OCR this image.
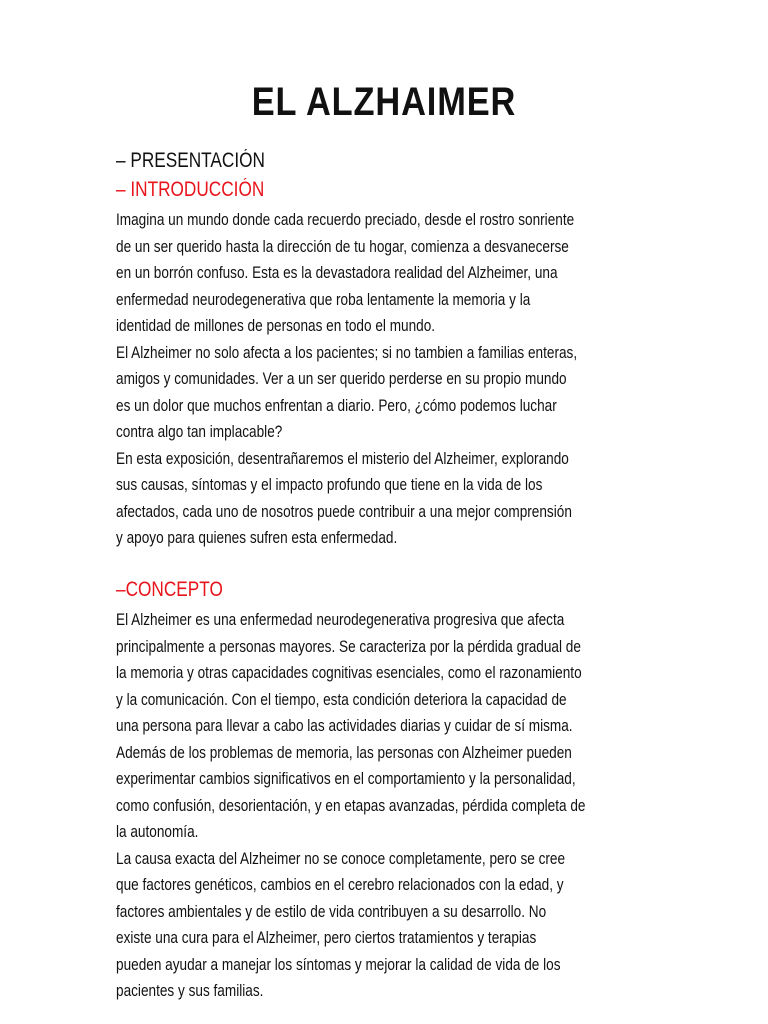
EL ALZHAIMER
– PRESENTACIÓN
– INTRODUCCIÓN
Imagina un mundo donde cada recuerdo preciado, desde el rostro sonriente
de un ser querido hasta la dirección de tu hogar, comienza a desvanecerse
en un borrón confuso. Esta es la devastadora realidad del Alzheimer, una
enfermedad neurodegenerativa que roba lentamente la memoria y la
identidad de millones de personas en todo el mundo.
El Alzheimer no solo afecta a los pacientes; si no tambien a familias enteras,
amigos y comunidades. Ver a un ser querido perderse en su propio mundo
es un dolor que muchos enfrentan a diario. Pero, ¿cómo podemos luchar
contra algo tan implacable?
En esta exposición, desentrañaremos el misterio del Alzheimer, explorando
sus causas, síntomas y el impacto profundo que tiene en la vida de los
afectados, cada uno de nosotros puede contribuir a una mejor comprensión
y apoyo para quienes sufren esta enfermedad.
–CONCEPTO
El Alzheimer es una enfermedad neurodegenerativa progresiva que afecta
principalmente a personas mayores. Se caracteriza por la pérdida gradual de
la memoria y otras capacidades cognitivas esenciales, como el razonamiento
y la comunicación. Con el tiempo, esta condición deteriora la capacidad de
una persona para llevar a cabo las actividades diarias y cuidar de sí misma.
Además de los problemas de memoria, las personas con Alzheimer pueden
experimentar cambios significativos en el comportamiento y la personalidad,
como confusión, desorientación, y en etapas avanzadas, pérdida completa de
la autonomía.
La causa exacta del Alzheimer no se conoce completamente, pero se cree
que factores genéticos, cambios en el cerebro relacionados con la edad, y
factores ambientales y de estilo de vida contribuyen a su desarrollo. No
existe una cura para el Alzheimer, pero ciertos tratamientos y terapias
pueden ayudar a manejar los síntomas y mejorar la calidad de vida de los
pacientes y sus familias.
